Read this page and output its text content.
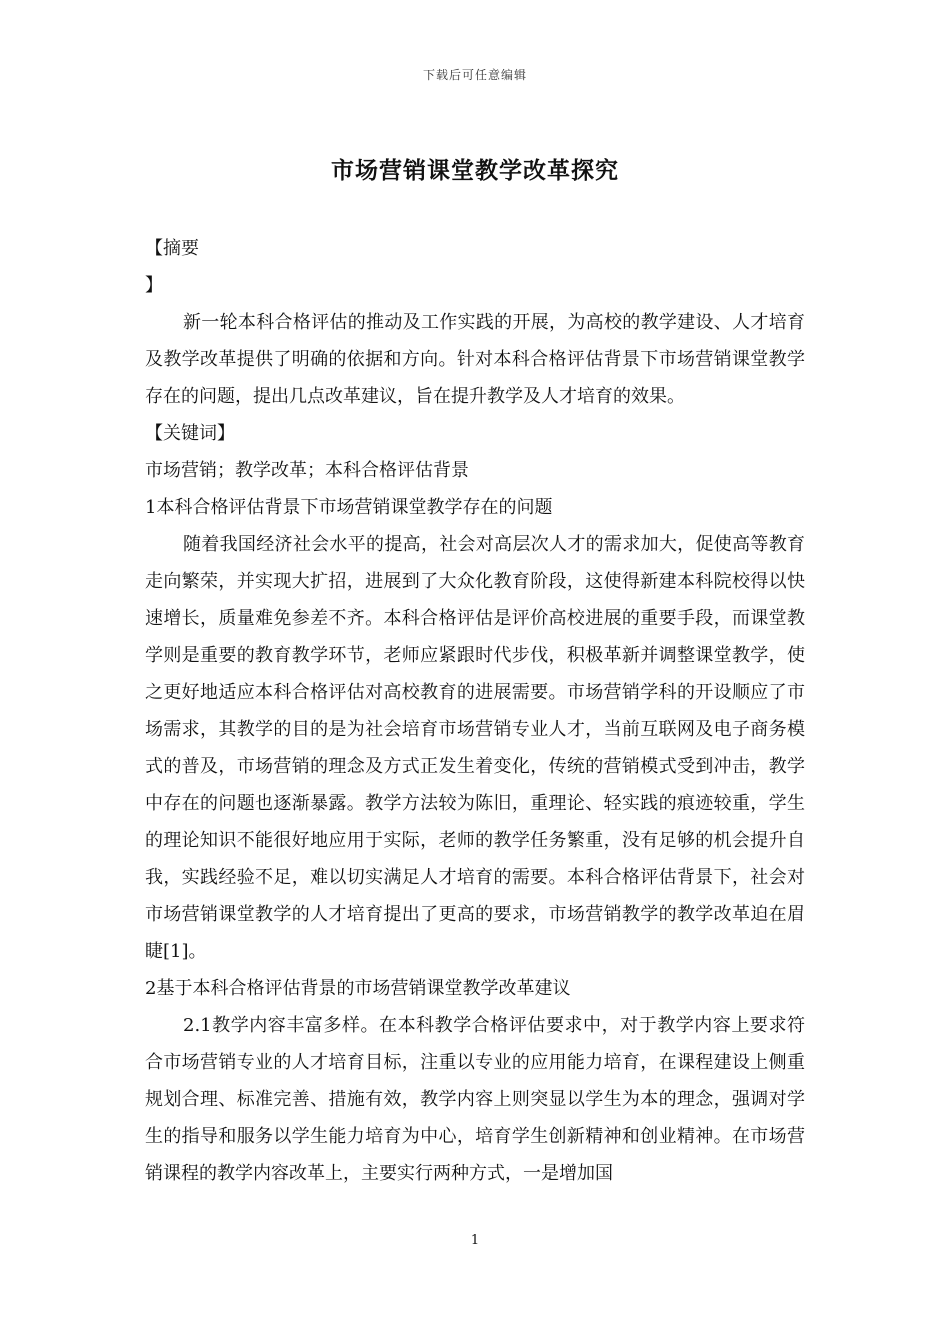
下载后可任意编辑
市场营销课堂教学改革探究

【摘要

】

新一轮本科合格评估的推动及工作实践的开展，为高校的教学建设、人才培育及教学改革提供了明确的依据和方向。针对本科合格评估背景下市场营销课堂教学存在的问题，提出几点改革建议，旨在提升教学及人才培育的效果。

【关键词】

市场营销；教学改革；本科合格评估背景

1本科合格评估背景下市场营销课堂教学存在的问题

随着我国经济社会水平的提高，社会对高层次人才的需求加大，促使高等教育走向繁荣，并实现大扩招，进展到了大众化教育阶段，这使得新建本科院校得以快速增长，质量难免参差不齐。本科合格评估是评价高校进展的重要手段，而课堂教学则是重要的教育教学环节，老师应紧跟时代步伐，积极革新并调整课堂教学，使之更好地适应本科合格评估对高校教育的进展需要。市场营销学科的开设顺应了市场需求，其教学的目的是为社会培育市场营销专业人才，当前互联网及电子商务模式的普及，市场营销的理念及方式正发生着变化，传统的营销模式受到冲击，教学中存在的问题也逐渐暴露。教学方法较为陈旧，重理论、轻实践的痕迹较重，学生的理论知识不能很好地应用于实际，老师的教学任务繁重，没有足够的机会提升自我，实践经验不足，难以切实满足人才培育的需要。本科合格评估背景下，社会对市场营销课堂教学的人才培育提出了更高的要求，市场营销教学的教学改革迫在眉睫[1]。

2基于本科合格评估背景的市场营销课堂教学改革建议

2.1教学内容丰富多样。在本科教学合格评估要求中，对于教学内容上要求符合市场营销专业的人才培育目标，注重以专业的应用能力培育，在课程建设上侧重规划合理、标准完善、措施有效，教学内容上则突显以学生为本的理念，强调对学生的指导和服务以学生能力培育为中心，培育学生创新精神和创业精神。在市场营销课程的教学内容改革上，主要实行两种方式，一是增加国

1
